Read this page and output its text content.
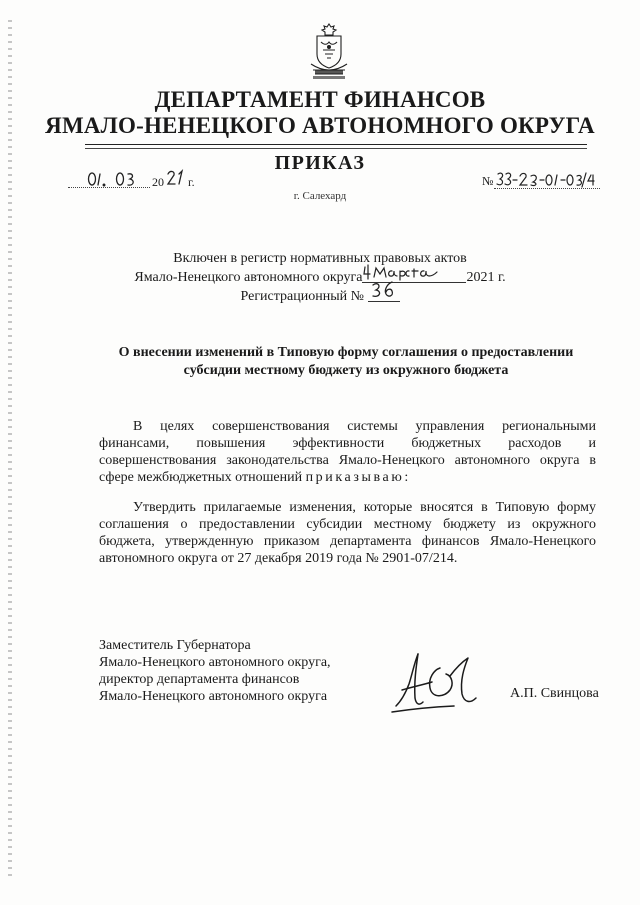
ДЕПАРТАМЕНТ ФИНАНСОВ
ЯМАЛО-НЕНЕЦКОГО АВТОНОМНОГО ОКРУГА
ПРИКАЗ
20 г.	№
г. Салехард
Включен в регистр нормативных правовых актов
Ямало-Ненецкого автономного округа	2021 г.
Регистрационный №
О внесении изменений в Типовую форму соглашения о предоставлении
субсидии местному бюджету из окружного бюджета
В целях совершенствования системы управления региональными финансами, повышения эффективности бюджетных расходов и совершенствования законодательства Ямало-Ненецкого автономного округа в сфере межбюджетных отношений приказываю:
Утвердить прилагаемые изменения, которые вносятся в Типовую форму соглашения о предоставлении субсидии местному бюджету из окружного бюджета, утвержденную приказом департамента финансов Ямало-Ненецкого автономного округа от 27 декабря 2019 года № 2901-07/214.
Заместитель Губернатора
Ямало-Ненецкого автономного округа,
директор департамента финансов
Ямало-Ненецкого автономного округа	А.П. Свинцова
